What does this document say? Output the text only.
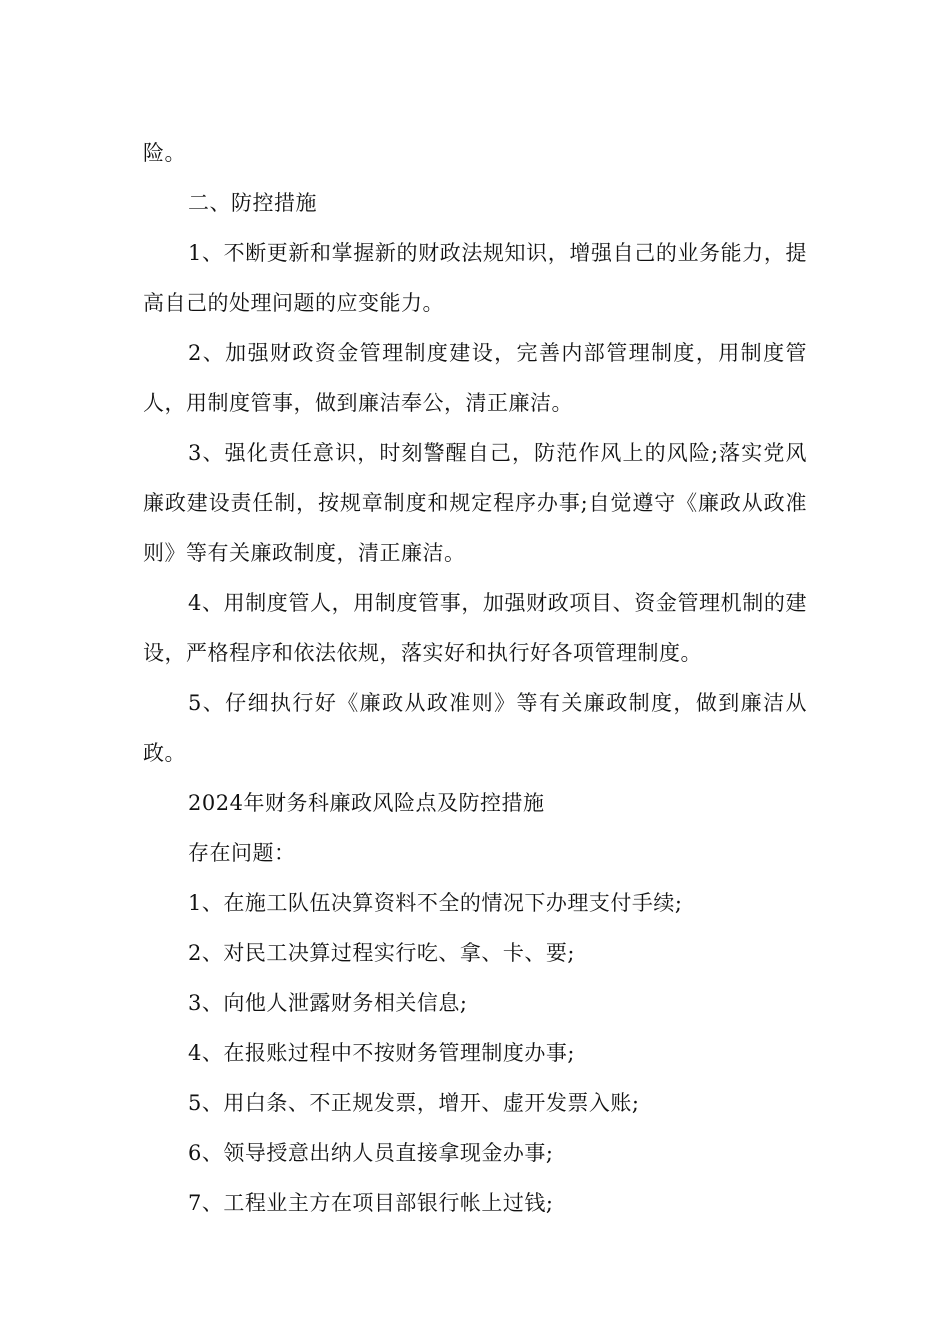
险。

二、防控措施

1、不断更新和掌握新的财政法规知识，增强自己的业务能力，提高自己的处理问题的应变能力。

2、加强财政资金管理制度建设，完善内部管理制度，用制度管人，用制度管事，做到廉洁奉公，清正廉洁。

3、强化责任意识，时刻警醒自己，防范作风上的风险;落实党风廉政建设责任制，按规章制度和规定程序办事;自觉遵守《廉政从政准则》等有关廉政制度，清正廉洁。

4、用制度管人，用制度管事，加强财政项目、资金管理机制的建设，严格程序和依法依规，落实好和执行好各项管理制度。

5、仔细执行好《廉政从政准则》等有关廉政制度，做到廉洁从政。

2024年财务科廉政风险点及防控措施

存在问题：

1、在施工队伍决算资料不全的情况下办理支付手续;

2、对民工决算过程实行吃、拿、卡、要;

3、向他人泄露财务相关信息;

4、在报账过程中不按财务管理制度办事;

5、用白条、不正规发票，增开、虚开发票入账;

6、领导授意出纳人员直接拿现金办事;

7、工程业主方在项目部银行帐上过钱;
